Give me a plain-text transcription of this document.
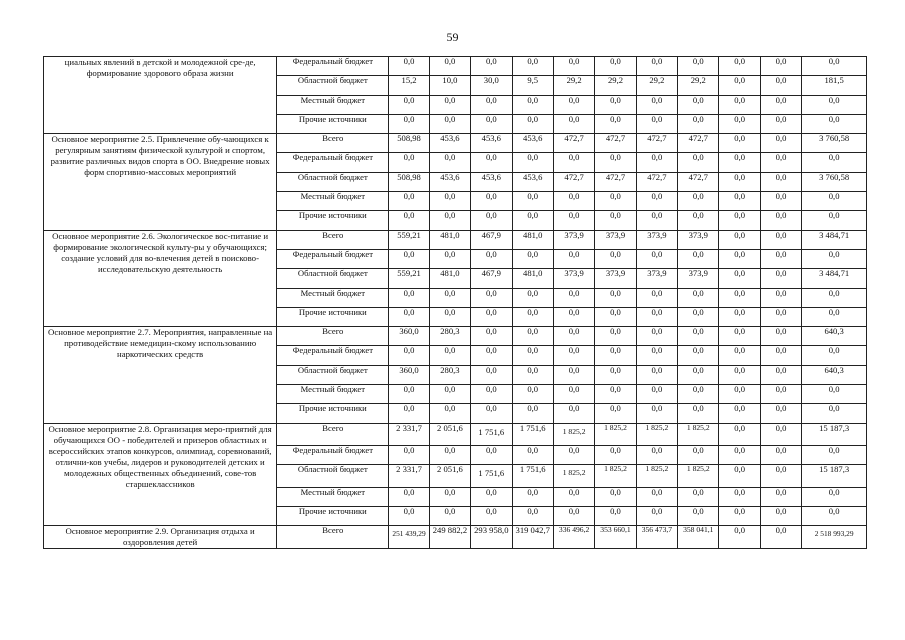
59
циальных явлений в детской и молодежной сре-де, формирование здорового образа жизни	Федеральный бюджет	0,0	0,0	0,0	0,0	0,0	0,0	0,0	0,0	0,0	0,0	0,0
	Областной бюджет	15,2	10,0	30,0	9,5	29,2	29,2	29,2	29,2	0,0	0,0	181,5
	Местный бюджет	0,0	0,0	0,0	0,0	0,0	0,0	0,0	0,0	0,0	0,0	0,0
	Прочие источники	0,0	0,0	0,0	0,0	0,0	0,0	0,0	0,0	0,0	0,0	0,0
Основное мероприятие 2.5. Привлечение обу-чающихся к регулярным занятиям физической культурой и спортом, развитие различных видов спорта в ОО. Внедрение новых форм спортивно-массовых мероприятий	Всего	508,98	453,6	453,6	453,6	472,7	472,7	472,7	472,7	0,0	0,0	3 760,58
	Федеральный бюджет	0,0	0,0	0,0	0,0	0,0	0,0	0,0	0,0	0,0	0,0	0,0
	Областной бюджет	508,98	453,6	453,6	453,6	472,7	472,7	472,7	472,7	0,0	0,0	3 760,58
	Местный бюджет	0,0	0,0	0,0	0,0	0,0	0,0	0,0	0,0	0,0	0,0	0,0
	Прочие источники	0,0	0,0	0,0	0,0	0,0	0,0	0,0	0,0	0,0	0,0	0,0
Основное мероприятие 2.6. Экологическое вос-питание и формирование экологической культу-ры у обучающихся; создание условий для во-влечения детей в поисково-исследовательскую деятельность	Всего	559,21	481,0	467,9	481,0	373,9	373,9	373,9	373,9	0,0	0,0	3 484,71
	Федеральный бюджет	0,0	0,0	0,0	0,0	0,0	0,0	0,0	0,0	0,0	0,0	0,0
	Областной бюджет	559,21	481,0	467,9	481,0	373,9	373,9	373,9	373,9	0,0	0,0	3 484,71
	Местный бюджет	0,0	0,0	0,0	0,0	0,0	0,0	0,0	0,0	0,0	0,0	0,0
	Прочие источники	0,0	0,0	0,0	0,0	0,0	0,0	0,0	0,0	0,0	0,0	0,0
Основное мероприятие 2.7. Мероприятия, направленные на противодействие немедицин-скому использованию наркотических средств	Всего	360,0	280,3	0,0	0,0	0,0	0,0	0,0	0,0	0,0	0,0	640,3
	Федеральный бюджет	0,0	0,0	0,0	0,0	0,0	0,0	0,0	0,0	0,0	0,0	0,0
	Областной бюджет	360,0	280,3	0,0	0,0	0,0	0,0	0,0	0,0	0,0	0,0	640,3
	Местный бюджет	0,0	0,0	0,0	0,0	0,0	0,0	0,0	0,0	0,0	0,0	0,0
	Прочие источники	0,0	0,0	0,0	0,0	0,0	0,0	0,0	0,0	0,0	0,0	0,0
Основное мероприятие 2.8. Организация меро-приятий для обучающихся ОО - победителей и призеров областных и всероссийских этапов конкурсов, олимпиад, соревнований, отлични-ков учебы, лидеров и руководителей детских и молодежных общественных объединений, сове-тов старшеклассников	Всего	2 331,7	2 051,6	1 751,6	1 751,6	1 825,2	1 825,2	1 825,2	1 825,2	0,0	0,0	15 187,3
	Федеральный бюджет	0,0	0,0	0,0	0,0	0,0	0,0	0,0	0,0	0,0	0,0	0,0
	Областной бюджет	2 331,7	2 051,6	1 751,6	1 751,6	1 825,2	1 825,2	1 825,2	1 825,2	0,0	0,0	15 187,3
	Местный бюджет	0,0	0,0	0,0	0,0	0,0	0,0	0,0	0,0	0,0	0,0	0,0
	Прочие источники	0,0	0,0	0,0	0,0	0,0	0,0	0,0	0,0	0,0	0,0	0,0
Основное мероприятие 2.9. Организация отдыха и оздоровления детей	Всего	251 439,29	249 882,2	293 958,0	319 042,7	336 496,2	353 660,1	356 473,7	358 041,1	0,0	0,0	2 518 993,29
